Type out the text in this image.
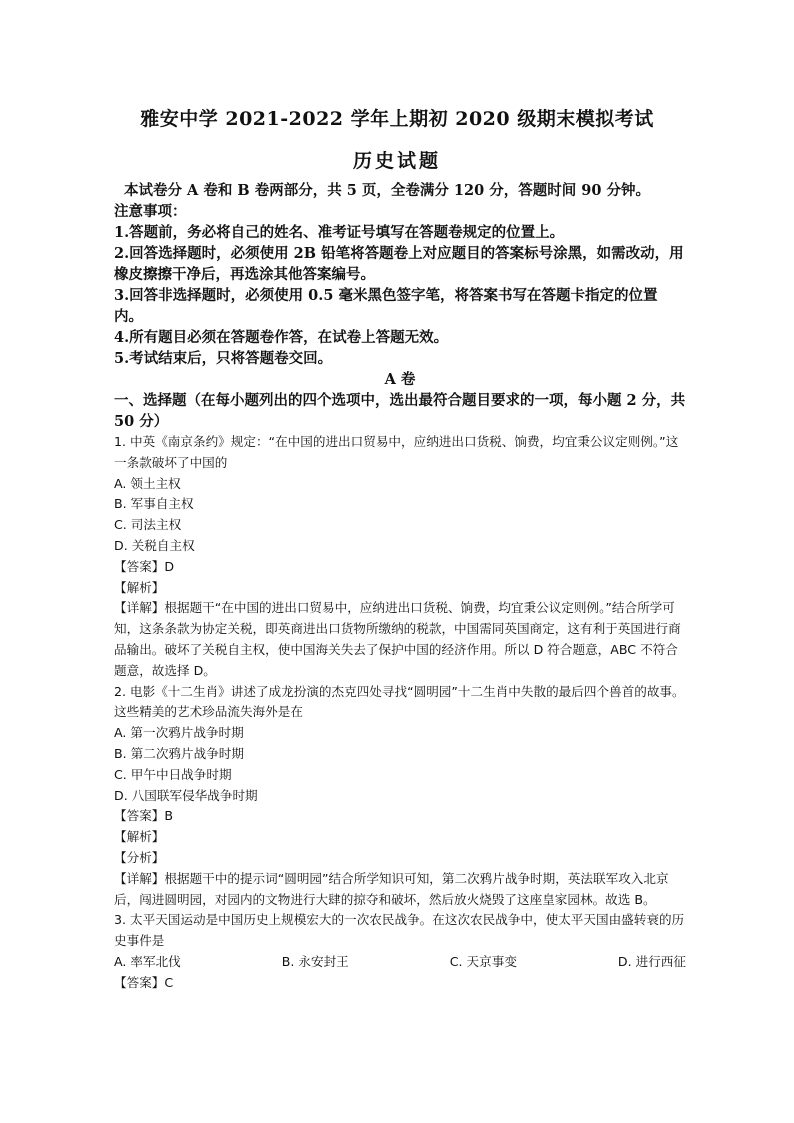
雅安中学 2021-2022 学年上期初 2020 级期末模拟考试
历史试题

本试卷分 A 卷和 B 卷两部分，共 5 页，全卷满分 120 分，答题时间 90 分钟。

注意事项：

1.答题前，务必将自己的姓名、准考证号填写在答题卷规定的位置上。

2.回答选择题时，必须使用 2B 铅笔将答题卷上对应题目的答案标号涂黑，如需改动，用橡皮擦擦干净后，再选涂其他答案编号。

3.回答非选择题时，必须使用 0.5 毫米黑色签字笔，将答案书写在答题卡指定的位置内。

4.所有题目必须在答题卷作答，在试卷上答题无效。

5.考试结束后，只将答题卷交回。

A 卷

一、选择题（在每小题列出的四个选项中，选出最符合题目要求的一项，每小题 2 分，共 50 分）

1. 中英《南京条约》规定：“在中国的进出口贸易中，应纳进出口货税、饷费，均宜秉公议定则例。”这一条款破坏了中国的

A. 领土主权

B. 军事自主权

C. 司法主权

D. 关税自主权

【答案】D

【解析】

【详解】根据题干“在中国的进出口贸易中，应纳进出口货税、饷费，均宜秉公议定则例。”结合所学可知，这条条款为协定关税，即英商进出口货物所缴纳的税款，中国需同英国商定，这有利于英国进行商品输出。破坏了关税自主权，使中国海关失去了保护中国的经济作用。所以 D 符合题意，ABC 不符合题意，故选择 D。

2. 电影《十二生肖》讲述了成龙扮演的杰克四处寻找“圆明园”十二生肖中失散的最后四个兽首的故事。这些精美的艺术珍品流失海外是在

A. 第一次鸦片战争时期

B. 第二次鸦片战争时期

C. 甲午中日战争时期

D. 八国联军侵华战争时期

【答案】B

【解析】

【分析】

【详解】根据题干中的提示词“圆明园”结合所学知识可知，第二次鸦片战争时期，英法联军攻入北京后，闯进圆明园，对园内的文物进行大肆的掠夺和破坏，然后放火烧毁了这座皇家园林。故选 B。

3. 太平天国运动是中国历史上规模宏大的一次农民战争。在这次农民战争中，使太平天国由盛转衰的历史事件是

A. 率军北伐	B. 永安封王	C. 天京事变	D. 进行西征

【答案】C
